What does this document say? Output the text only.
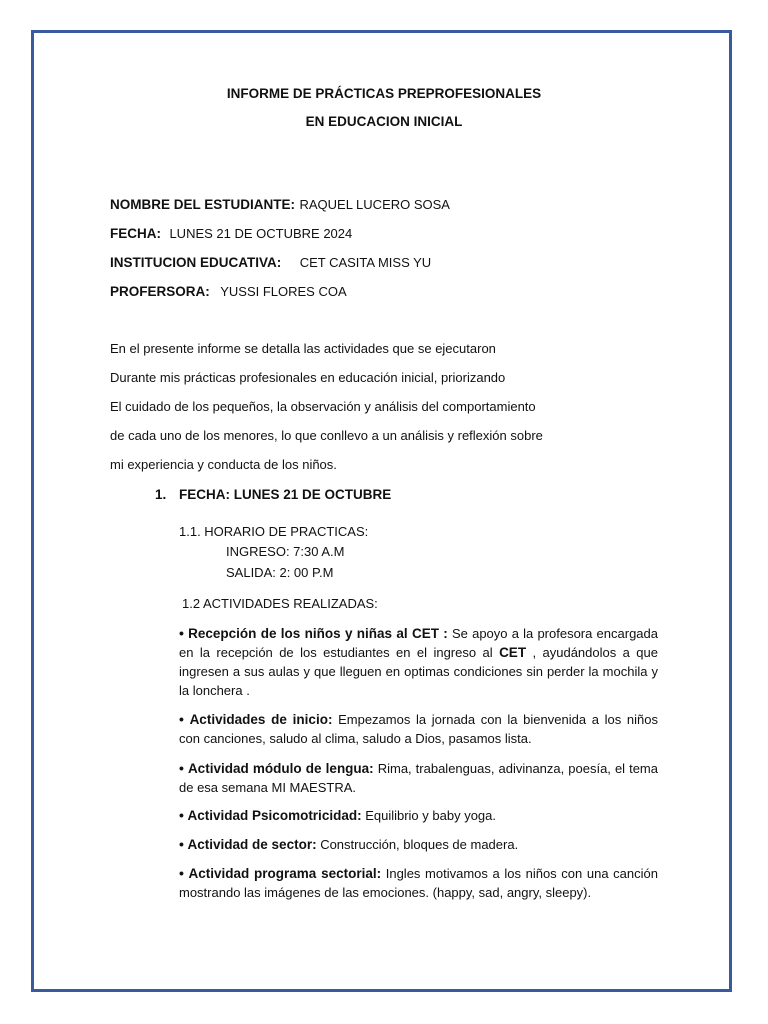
INFORME DE PRÁCTICAS PREPROFESIONALES
EN EDUCACION INICIAL
NOMBRE DEL ESTUDIANTE: RAQUEL LUCERO SOSA
FECHA: LUNES 21 DE OCTUBRE 2024
INSTITUCION EDUCATIVA: CET CASITA MISS YU
PROFERSORA: YUSSI FLORES COA
En el presente informe se detalla las actividades que se ejecutaron
Durante mis prácticas profesionales en educación inicial, priorizando
El cuidado de los pequeños, la observación y análisis del comportamiento
de cada uno de los menores, lo que conllevo a un análisis y reflexión sobre
mi experiencia y conducta de los niños.
1. FECHA: LUNES 21 DE OCTUBRE
1.1. HORARIO DE PRACTICAS:
INGRESO: 7:30 A.M
SALIDA: 2: 00 P.M
1.2 ACTIVIDADES REALIZADAS:
• Recepción de los niños y niñas al CET : Se apoyo a la profesora encargada en la recepción de los estudiantes en el ingreso al CET , ayudándolos a que ingresen a sus aulas y que lleguen en optimas condiciones sin perder la mochila y la lonchera .
• Actividades de inicio: Empezamos la jornada con la bienvenida a los niños con canciones, saludo al clima, saludo a Dios, pasamos lista.
• Actividad módulo de lengua: Rima, trabalenguas, adivinanza, poesía, el tema de esa semana MI MAESTRA.
• Actividad Psicomotricidad: Equilibrio y baby yoga.
• Actividad de sector: Construcción, bloques de madera.
• Actividad programa sectorial: Ingles motivamos a los niños con una canción mostrando las imágenes de las emociones. (happy, sad, angry, sleepy).
